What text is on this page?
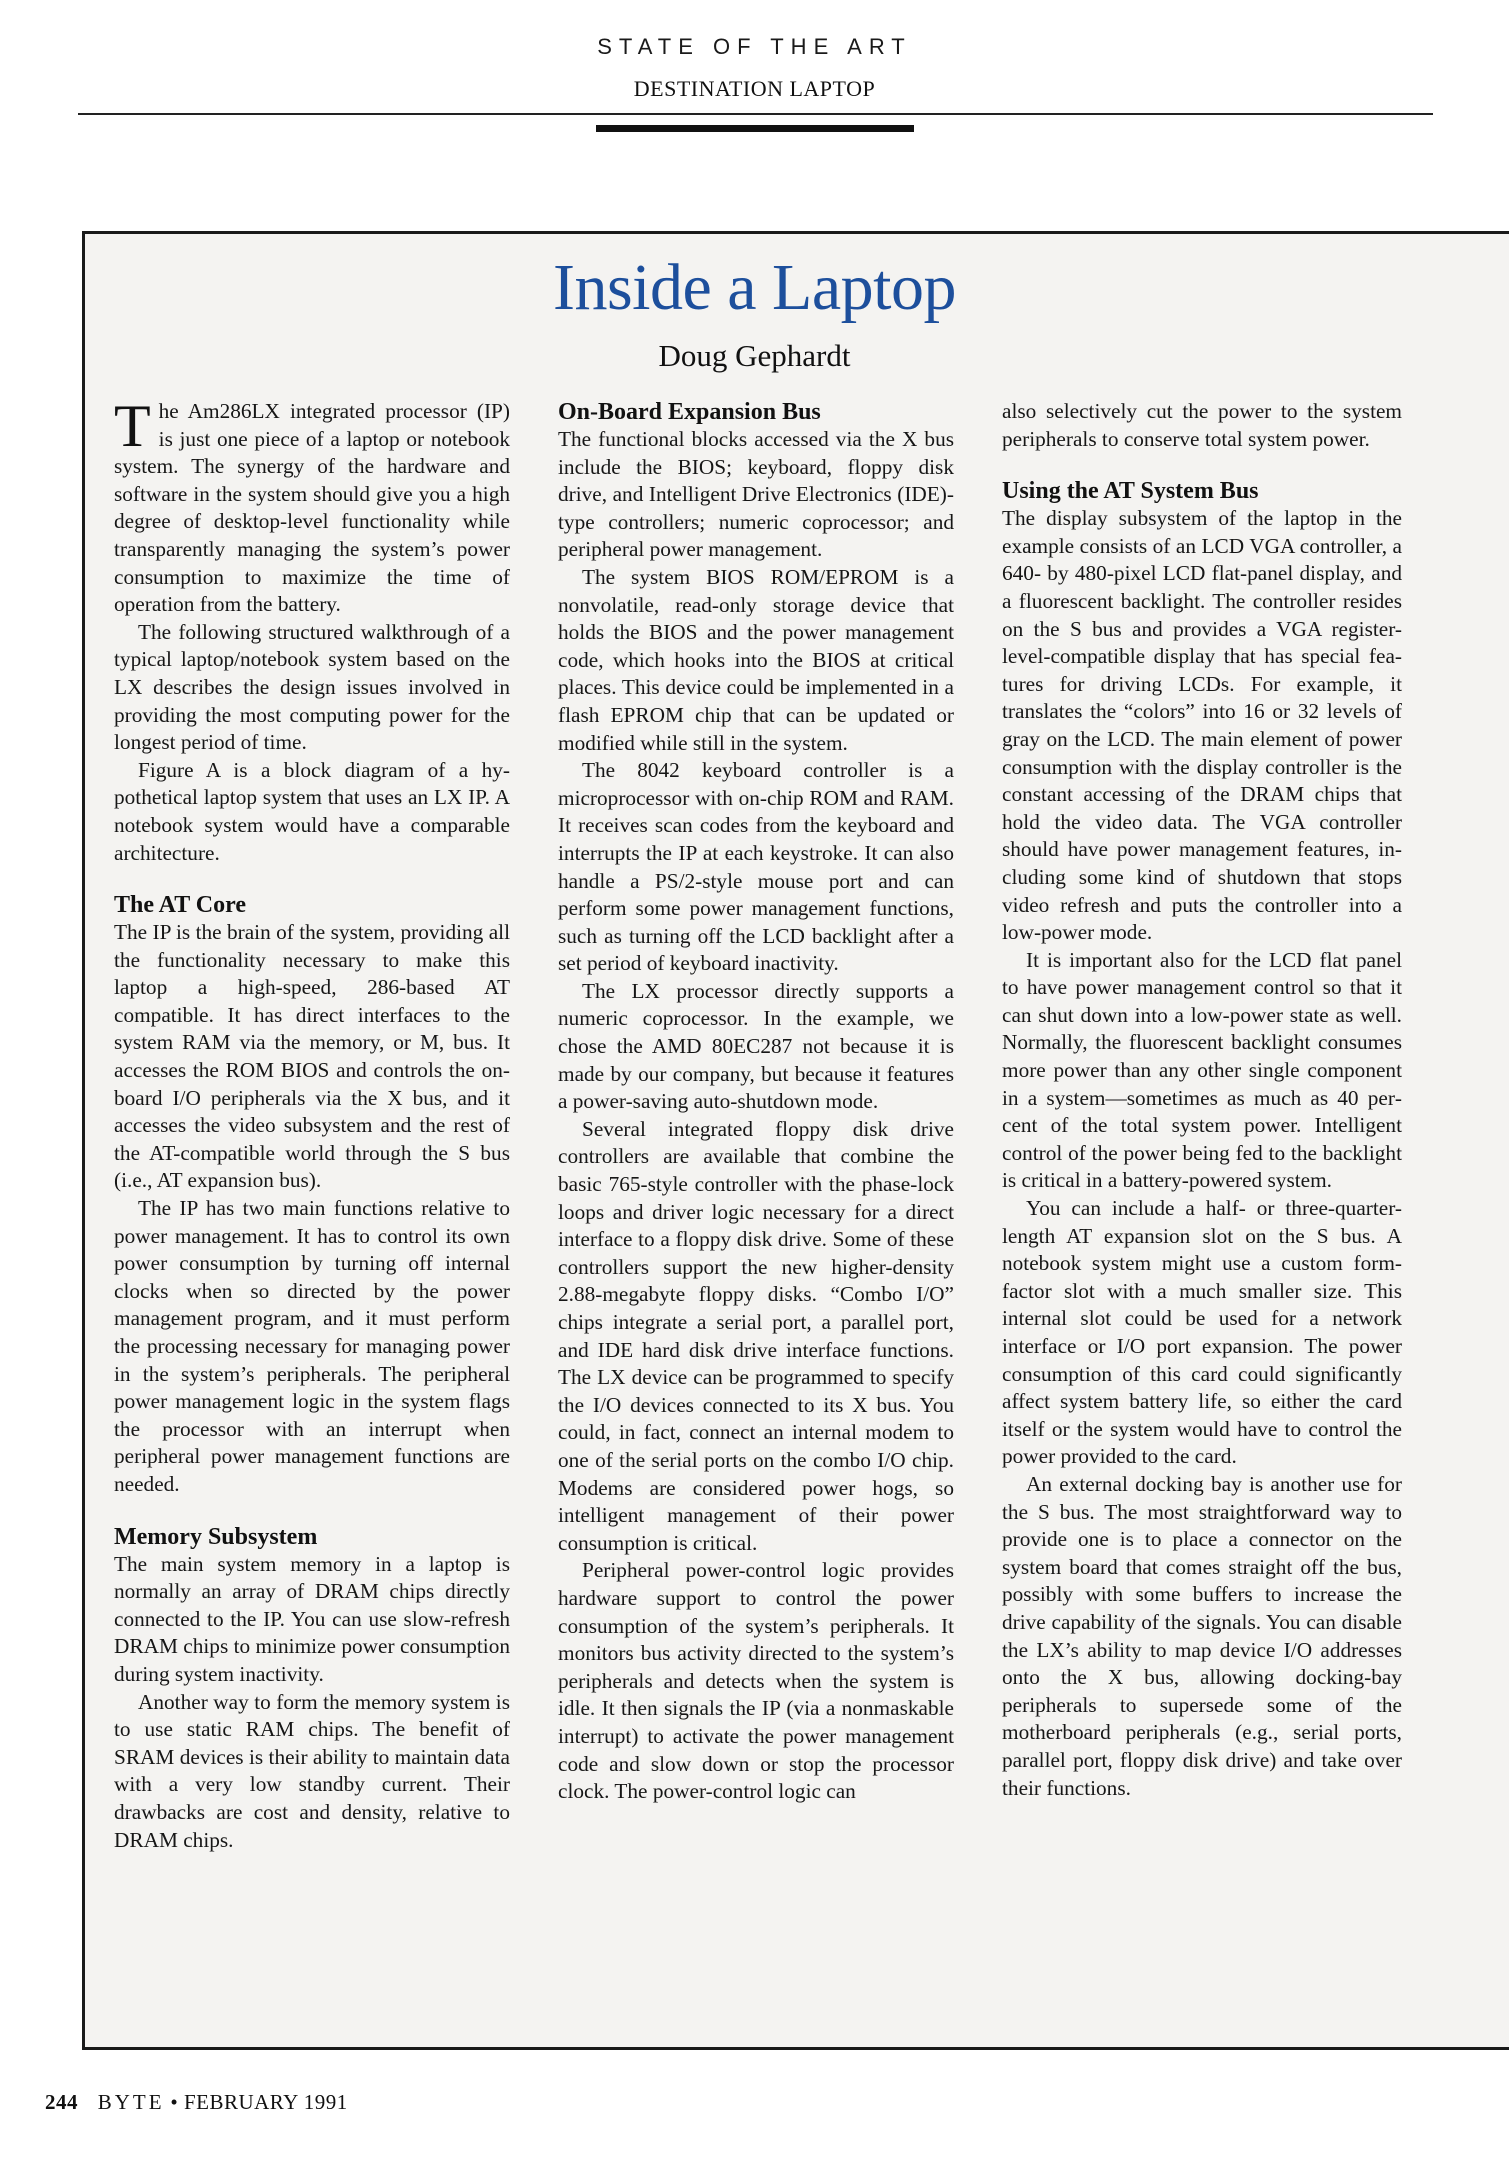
STATE OF THE ART
DESTINATION LAPTOP
Inside a Laptop
Doug Gephardt

The Am286LX integrated processor (IP) is just one piece of a laptop or notebook system. The synergy of the hardware and software in the system should give you a high degree of desktop-level functionality while transparently managing the system’s power consumption to maximize the time of operation from the battery.

The following structured walkthrough of a typical laptop/notebook system based on the LX describes the design issues involved in providing the most computing power for the longest period of time.

Figure A is a block diagram of a hypothetical laptop system that uses an LX IP. A notebook system would have a comparable architecture.

The AT Core

The IP is the brain of the system, providing all the functionality necessary to make this laptop a high-speed, 286-based AT compatible. It has direct interfaces to the system RAM via the memory, or M, bus. It accesses the ROM BIOS and controls the on-board I/O peripherals via the X bus, and it accesses the video subsystem and the rest of the AT-compatible world through the S bus (i.e., AT expansion bus).

The IP has two main functions relative to power management. It has to control its own power consumption by turning off internal clocks when so directed by the power management program, and it must perform the processing necessary for managing power in the system’s peripherals. The peripheral power management logic in the system flags the processor with an interrupt when peripheral power management functions are needed.

Memory Subsystem

The main system memory in a laptop is normally an array of DRAM chips directly connected to the IP. You can use slow-refresh DRAM chips to minimize power consumption during system inactivity.

Another way to form the memory system is to use static RAM chips. The benefit of SRAM devices is their ability to maintain data with a very low standby current. Their drawbacks are cost and density, relative to DRAM chips.

On-Board Expansion Bus

The functional blocks accessed via the X bus include the BIOS; keyboard, floppy disk drive, and Intelligent Drive Electronics (IDE)-type controllers; numeric coprocessor; and peripheral power management.

The system BIOS ROM/EPROM is a nonvolatile, read-only storage device that holds the BIOS and the power management code, which hooks into the BIOS at critical places. This device could be implemented in a flash EPROM chip that can be updated or modified while still in the system.

The 8042 keyboard controller is a microprocessor with on-chip ROM and RAM. It receives scan codes from the keyboard and interrupts the IP at each keystroke. It can also handle a PS/2-style mouse port and can perform some power management functions, such as turning off the LCD backlight after a set period of keyboard inactivity.

The LX processor directly supports a numeric coprocessor. In the example, we chose the AMD 80EC287 not because it is made by our company, but because it features a power-saving auto-shutdown mode.

Several integrated floppy disk drive controllers are available that combine the basic 765-style controller with the phase-lock loops and driver logic necessary for a direct interface to a floppy disk drive. Some of these controllers support the new higher-density 2.88-megabyte floppy disks. “Combo I/O” chips integrate a serial port, a parallel port, and IDE hard disk drive interface functions. The LX device can be programmed to specify the I/O devices connected to its X bus. You could, in fact, connect an internal modem to one of the serial ports on the combo I/O chip. Modems are considered power hogs, so intelligent management of their power consumption is critical.

Peripheral power-control logic provides hardware support to control the power consumption of the system’s peripherals. It monitors bus activity directed to the system’s peripherals and detects when the system is idle. It then signals the IP (via a nonmaskable interrupt) to activate the power management code and slow down or stop the processor clock. The power-control logic can

also selectively cut the power to the system peripherals to conserve total system power.

Using the AT System Bus

The display subsystem of the laptop in the example consists of an LCD VGA controller, a 640- by 480-pixel LCD flat-panel display, and a fluorescent backlight. The controller resides on the S bus and provides a VGA register-level-compatible display that has special features for driving LCDs. For example, it translates the “colors” into 16 or 32 levels of gray on the LCD. The main element of power consumption with the display controller is the constant accessing of the DRAM chips that hold the video data. The VGA controller should have power management features, including some kind of shutdown that stops video refresh and puts the controller into a low-power mode.

It is important also for the LCD flat panel to have power management control so that it can shut down into a low-power state as well. Normally, the fluorescent backlight consumes more power than any other single component in a system—sometimes as much as 40 percent of the total system power. Intelligent control of the power being fed to the backlight is critical in a battery-powered system.

You can include a half- or three-quarter-length AT expansion slot on the S bus. A notebook system might use a custom form-factor slot with a much smaller size. This internal slot could be used for a network interface or I/O port expansion. The power consumption of this card could significantly affect system battery life, so either the card itself or the system would have to control the power provided to the card.

An external docking bay is another use for the S bus. The most straightforward way to provide one is to place a connector on the system board that comes straight off the bus, possibly with some buffers to increase the drive capability of the signals. You can disable the LX’s ability to map device I/O addresses onto the X bus, allowing docking-bay peripherals to supersede some of the motherboard peripherals (e.g., serial ports, parallel port, floppy disk drive) and take over their functions.

244 BYTE • FEBRUARY 1991
